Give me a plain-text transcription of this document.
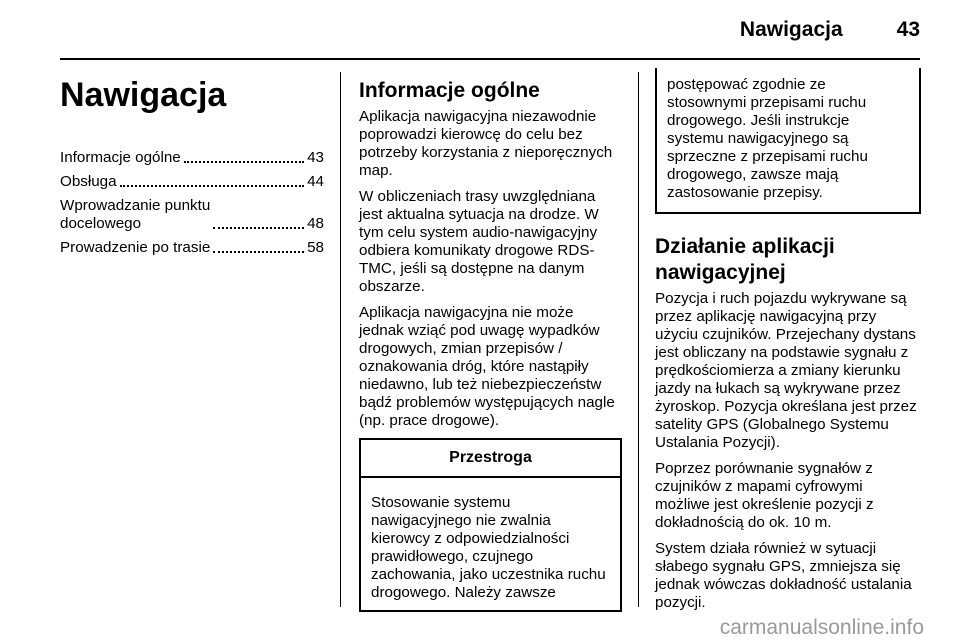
Nawigacja	43
Nawigacja
Informacje ogólne	43
Obsługa	44
Wprowadzanie punktu
docelowego	48
Prowadzenie po trasie	58
Informacje ogólne

Aplikacja nawigacyjna niezawodnie poprowadzi kierowcę do celu bez potrzeby korzystania z nieporęcznych map.

W obliczeniach trasy uwzględniana jest aktualna sytuacja na drodze. W tym celu system audio-nawigacyjny odbiera komunikaty drogowe RDS-TMC, jeśli są dostępne na danym obszarze.

Aplikacja nawigacyjna nie może jednak wziąć pod uwagę wypadków drogowych, zmian przepisów / oznakowania dróg, które nastąpiły niedawno, lub też niebezpieczeństw bądź problemów występujących nagle (np. prace drogowe).

Przestroga
Stosowanie systemu nawigacyjnego nie zwalnia kierowcy z odpowiedzialności prawidłowego, czujnego zachowania, jako uczestnika ruchu drogowego. Należy zawsze
postępować zgodnie ze stosownymi przepisami ruchu drogowego. Jeśli instrukcje systemu nawigacyjnego są sprzeczne z przepisami ruchu drogowego, zawsze mają zastosowanie przepisy.
Działanie aplikacji nawigacyjnej

Pozycja i ruch pojazdu wykrywane są przez aplikację nawigacyjną przy użyciu czujników. Przejechany dystans jest obliczany na podstawie sygnału z prędkościomierza a zmiany kierunku jazdy na łukach są wykrywane przez żyroskop. Pozycja określana jest przez satelity GPS (Globalnego Systemu Ustalania Pozycji).

Poprzez porównanie sygnałów z czujników z mapami cyfrowymi możliwe jest określenie pozycji z dokładnością do ok. 10 m.

System działa również w sytuacji słabego sygnału GPS, zmniejsza się jednak wówczas dokładność ustalania pozycji.

carmanualsonline.info
